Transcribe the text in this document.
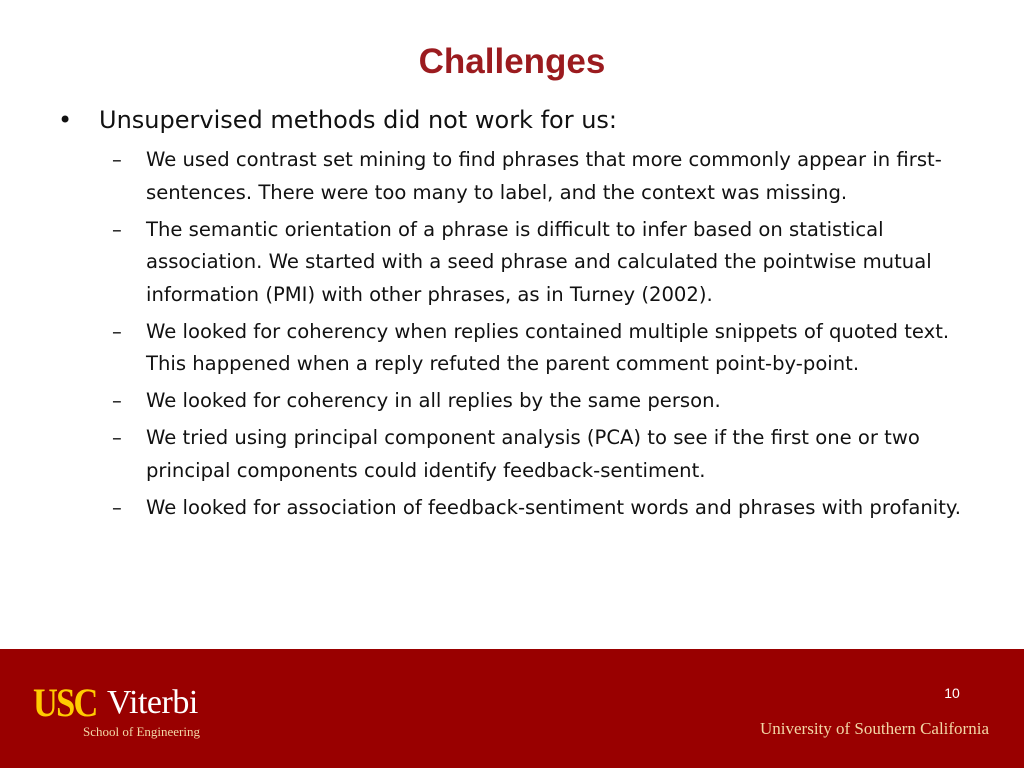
Challenges
• Unsupervised methods did not work for us:
– We used contrast set mining to find phrases that more commonly appear in first-sentences. There were too many to label, and the context was missing.
– The semantic orientation of a phrase is difficult to infer based on statistical association. We started with a seed phrase and calculated the pointwise mutual information (PMI) with other phrases, as in Turney (2002).
– We looked for coherency when replies contained multiple snippets of quoted text. This happened when a reply refuted the parent comment point-by-point.
– We looked for coherency in all replies by the same person.
– We tried using principal component analysis (PCA) to see if the first one or two principal components could identify feedback-sentiment.
– We looked for association of feedback-sentiment words and phrases with profanity.
USC Viterbi
School of Engineering
10
University of Southern California
